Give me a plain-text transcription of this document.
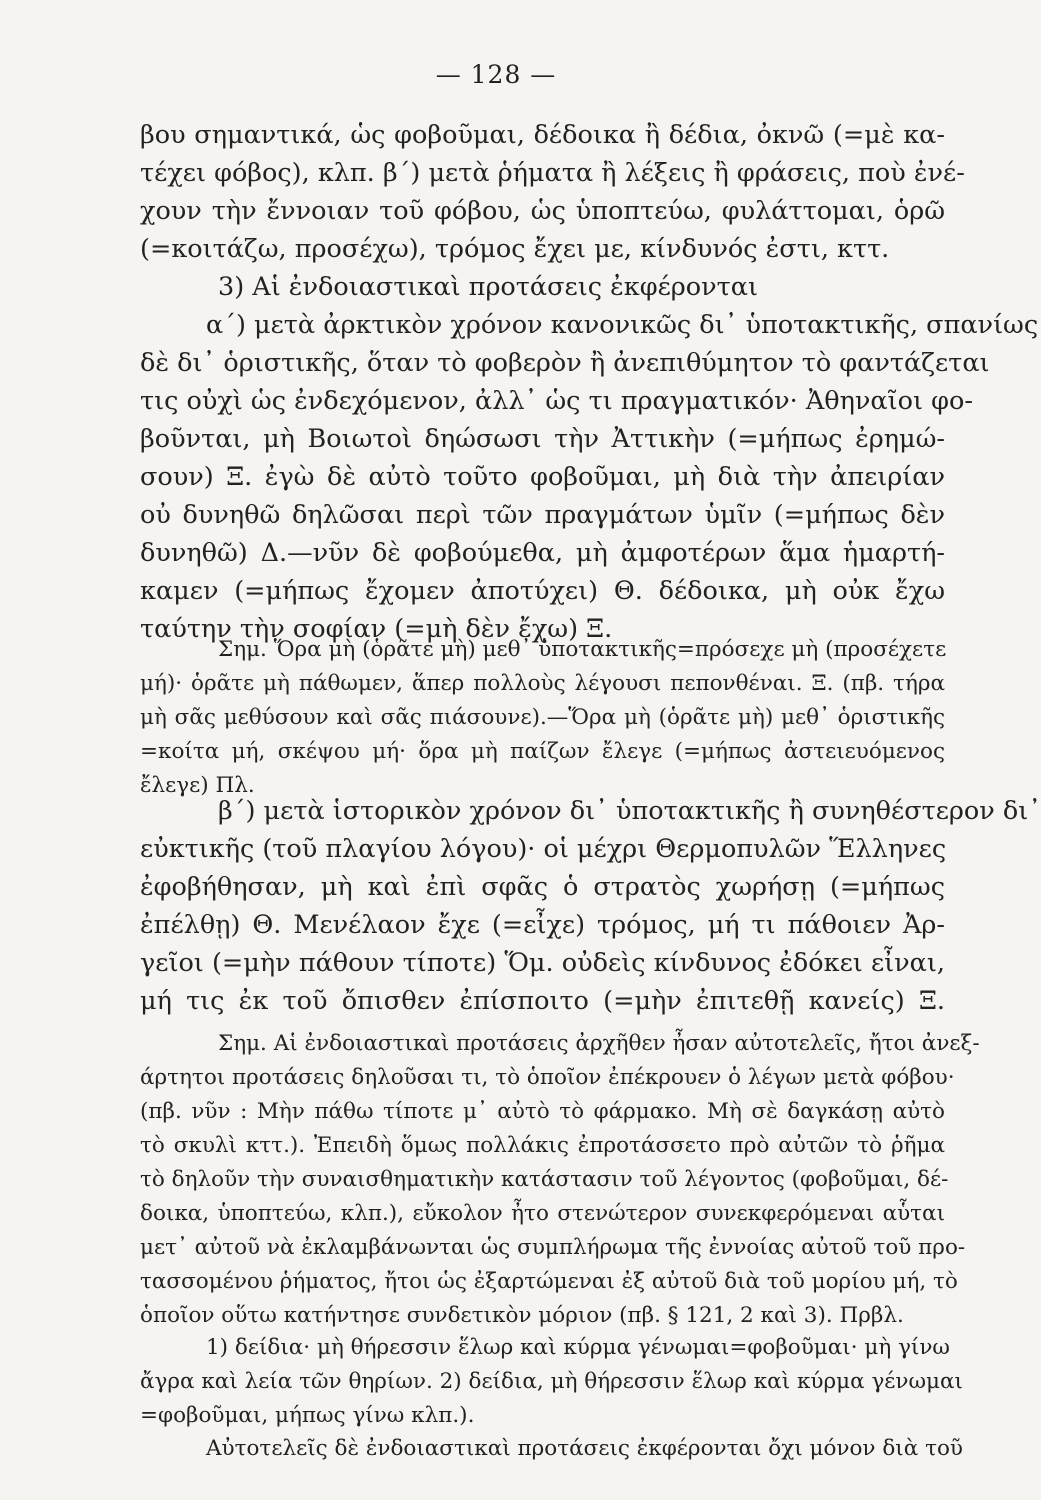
— 128 —
βου σημαντικά, ὡς φοβοῦμαι, δέδοικα ἢ δέδια, ὀκνῶ (=μὲ κα-
τέχει φόβος), κλπ. β΄) μετὰ ῥήματα ἢ λέξεις ἢ φράσεις, ποὺ ἐνέ-
χουν τὴν ἔννοιαν τοῦ φόβου, ὡς ὑποπτεύω, φυλάττομαι, ὁρῶ
(=κοιτάζω, προσέχω), τρόμος ἔχει με, κίνδυνός ἐστι, κττ.
3) Αἱ ἐνδοιαστικαὶ προτάσεις ἐκφέρονται
α΄) μετὰ ἀρκτικὸν χρόνον κανονικῶς δι᾿ ὑποτακτικῆς, σπανίως
δὲ δι᾿ ὁριστικῆς, ὅταν τὸ φοβερὸν ἢ ἀνεπιθύμητον τὸ φαντάζεται
τις οὐχὶ ὡς ἐνδεχόμενον, ἀλλ᾿ ὡς τι πραγματικόν· Ἀθηναῖοι φο-
βοῦνται, μὴ Βοιωτοὶ δηώσωσι τὴν Ἀττικὴν (=μήπως ἐρημώ-
σουν) Ξ. ἐγὼ δὲ αὐτὸ τοῦτο φοβοῦμαι, μὴ διὰ τὴν ἀπειρίαν
οὐ δυνηθῶ δηλῶσαι περὶ τῶν πραγμάτων ὑμῖν (=μήπως δὲν
δυνηθῶ) Δ.—νῦν δὲ φοβούμεθα, μὴ ἀμφοτέρων ἅμα ἡμαρτή-
καμεν (=μήπως ἔχομεν ἀποτύχει) Θ. δέδοικα, μὴ οὐκ ἔχω
ταύτην τὴν σοφίαν (=μὴ δὲν ἔχω) Ξ.
Σημ. Ὅρα μὴ (ὁρᾶτε μὴ) μεθ᾿ ὑποτακτικῆς=πρόσεχε μὴ (προσέχετε
μή)· ὁρᾶτε μὴ πάθωμεν, ἅπερ πολλοὺς λέγουσι πεπονθέναι. Ξ. (πβ. τήρα
μὴ σᾶς μεθύσουν καὶ σᾶς πιάσουνε).—Ὅρα μὴ (ὁρᾶτε μὴ) μεθ᾿ ὁριστικῆς
=κοίτα μή, σκέψου μή· ὅρα μὴ παίζων ἔλεγε (=μήπως ἀστειευόμενος
ἔλεγε) Πλ.
β΄) μετὰ ἱστορικὸν χρόνον δι᾿ ὑποτακτικῆς ἢ συνηθέστερον δι᾿
εὐκτικῆς (τοῦ πλαγίου λόγου)· οἱ μέχρι Θερμοπυλῶν Ἕλληνες
ἐφοβήθησαν, μὴ καὶ ἐπὶ σφᾶς ὁ στρατὸς χωρήσῃ (=μήπως
ἐπέλθῃ) Θ. Μενέλαον ἔχε (=εἶχε) τρόμος, μή τι πάθοιεν Ἀρ-
γεῖοι (=μὴν πάθουν τίποτε) Ὅμ. οὐδεὶς κίνδυνος ἐδόκει εἶναι,
μή τις ἐκ τοῦ ὄπισθεν ἐπίσποιτο (=μὴν ἐπιτεθῇ κανείς) Ξ.
Σημ. Αἱ ἐνδοιαστικαὶ προτάσεις ἀρχῆθεν ἦσαν αὐτοτελεῖς, ἤτοι ἀνεξ-
άρτητοι προτάσεις δηλοῦσαι τι, τὸ ὁποῖον ἐπέκρουεν ὁ λέγων μετὰ φόβου·
(πβ. νῦν : Μὴν πάθω τίποτε μ᾿ αὐτὸ τὸ φάρμακο. Μὴ σὲ δαγκάσῃ αὐτὸ
τὸ σκυλὶ κττ.). Ἐπειδὴ ὅμως πολλάκις ἐπροτάσσετο πρὸ αὐτῶν τὸ ῥῆμα
τὸ δηλοῦν τὴν συναισθηματικὴν κατάστασιν τοῦ λέγοντος (φοβοῦμαι, δέ-
δοικα, ὑποπτεύω, κλπ.), εὔκολον ἦτο στενώτερον συνεκφερόμεναι αὗται
μετ᾿ αὐτοῦ νὰ ἐκλαμβάνωνται ὡς συμπλήρωμα τῆς ἐννοίας αὐτοῦ τοῦ προ-
τασσομένου ῥήματος, ἤτοι ὡς ἐξαρτώμεναι ἐξ αὐτοῦ διὰ τοῦ μορίου μή, τὸ
ὁποῖον οὕτω κατήντησε συνδετικὸν μόριον (πβ. § 121, 2 καὶ 3). Πρβλ.
1) δείδια· μὴ θήρεσσιν ἕλωρ καὶ κύρμα γένωμαι=φοβοῦμαι· μὴ γίνω
ἄγρα καὶ λεία τῶν θηρίων. 2) δείδια, μὴ θήρεσσιν ἕλωρ καὶ κύρμα γένωμαι
=φοβοῦμαι, μήπως γίνω κλπ.).
Αὐτοτελεῖς δὲ ἐνδοιαστικαὶ προτάσεις ἐκφέρονται ὄχι μόνον διὰ τοῦ
